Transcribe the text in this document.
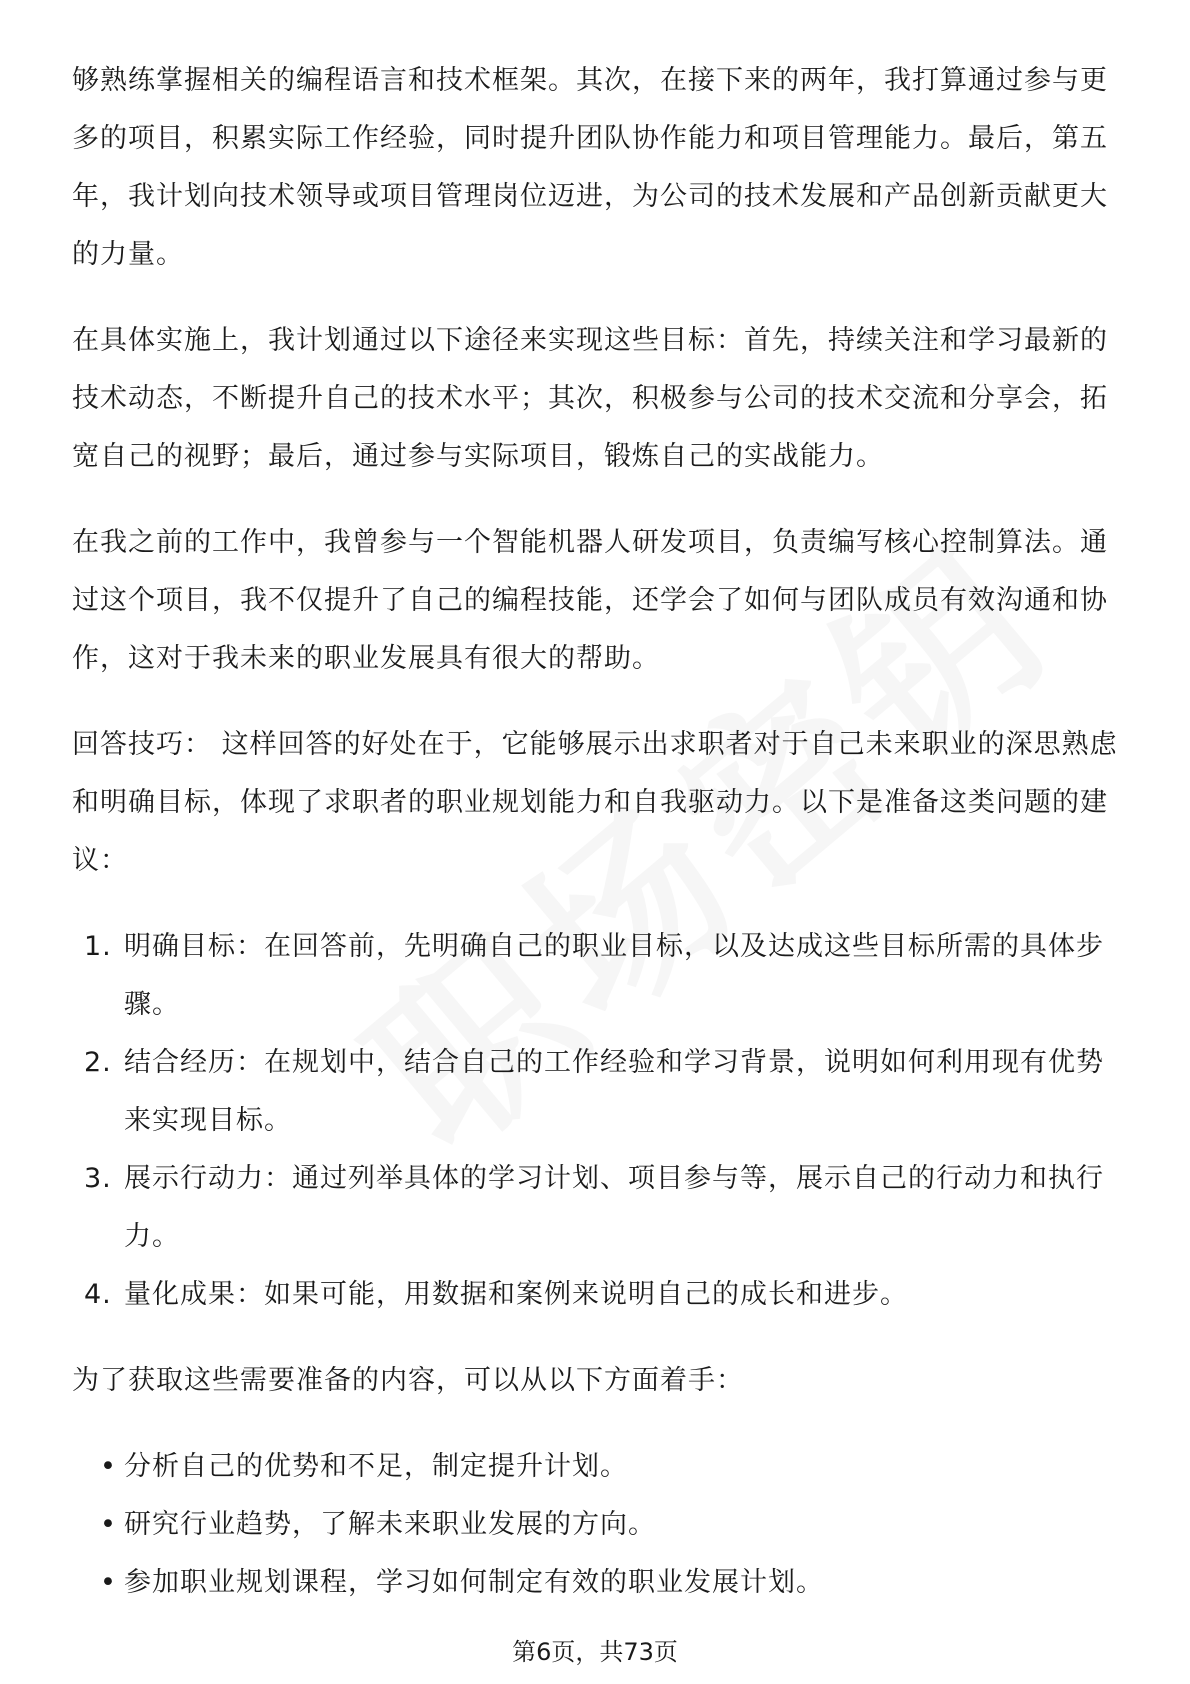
够熟练掌握相关的编程语言和技术框架。其次，在接下来的两年，我打算通过参与更多的项目，积累实际工作经验，同时提升团队协作能力和项目管理能力。最后，第五年，我计划向技术领导或项目管理岗位迈进，为公司的技术发展和产品创新贡献更大的力量。

在具体实施上，我计划通过以下途径来实现这些目标：首先，持续关注和学习最新的技术动态，不断提升自己的技术水平；其次，积极参与公司的技术交流和分享会，拓宽自己的视野；最后，通过参与实际项目，锻炼自己的实战能力。

在我之前的工作中，我曾参与一个智能机器人研发项目，负责编写核心控制算法。通过这个项目，我不仅提升了自己的编程技能，还学会了如何与团队成员有效沟通和协作，这对于我未来的职业发展具有很大的帮助。

回答技巧： 这样回答的好处在于，它能够展示出求职者对于自己未来职业的深思熟虑和明确目标，体现了求职者的职业规划能力和自我驱动力。以下是准备这类问题的建议：

1. 明确目标：在回答前，先明确自己的职业目标，以及达成这些目标所需的具体步骤。
2. 结合经历：在规划中，结合自己的工作经验和学习背景，说明如何利用现有优势来实现目标。
3. 展示行动力：通过列举具体的学习计划、项目参与等，展示自己的行动力和执行力。
4. 量化成果：如果可能，用数据和案例来说明自己的成长和进步。

为了获取这些需要准备的内容，可以从以下方面着手：

• 分析自己的优势和不足，制定提升计划。
• 研究行业趋势，了解未来职业发展的方向。
• 参加职业规划课程，学习如何制定有效的职业发展计划。
第6页，共73页
